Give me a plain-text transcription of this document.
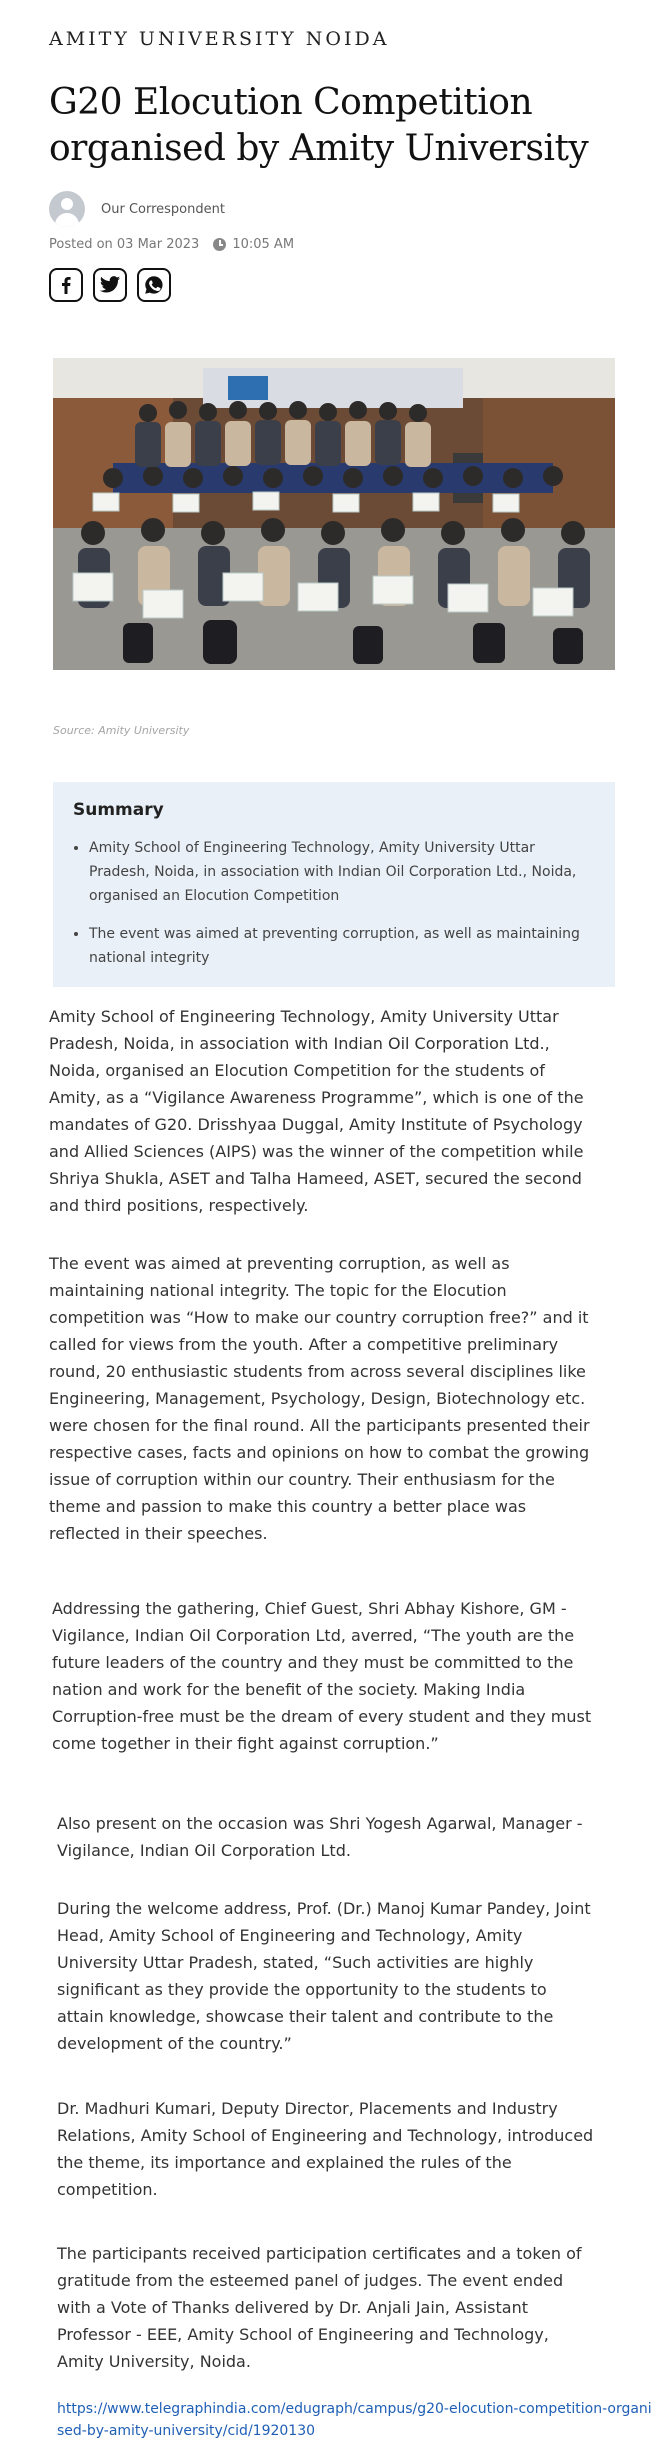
AMITY UNIVERSITY NOIDA
G20 Elocution Competition organised by Amity University
Our Correspondent
Posted on 03 Mar 2023	10:05 AM
Source: Amity University
Summary
• Amity School of Engineering Technology, Amity University Uttar Pradesh, Noida, in association with Indian Oil Corporation Ltd., Noida, organised an Elocution Competition
• The event was aimed at preventing corruption, as well as maintaining national integrity

Amity School of Engineering Technology, Amity University Uttar Pradesh, Noida, in association with Indian Oil Corporation Ltd., Noida, organised an Elocution Competition for the students of Amity, as a “Vigilance Awareness Programme”, which is one of the mandates of G20. Drisshyaa Duggal, Amity Institute of Psychology and Allied Sciences (AIPS) was the winner of the competition while Shriya Shukla, ASET and Talha Hameed, ASET, secured the second and third positions, respectively.

The event was aimed at preventing corruption, as well as maintaining national integrity. The topic for the Elocution competition was “How to make our country corruption free?” and it called for views from the youth. After a competitive preliminary round, 20 enthusiastic students from across several disciplines like Engineering, Management, Psychology, Design, Biotechnology etc. were chosen for the final round. All the participants presented their respective cases, facts and opinions on how to combat the growing issue of corruption within our country. Their enthusiasm for the theme and passion to make this country a better place was reflected in their speeches.

Addressing the gathering, Chief Guest, Shri Abhay Kishore, GM - Vigilance, Indian Oil Corporation Ltd, averred, “The youth are the future leaders of the country and they must be committed to the nation and work for the benefit of the society. Making India Corruption-free must be the dream of every student and they must come together in their fight against corruption.”

Also present on the occasion was Shri Yogesh Agarwal, Manager - Vigilance, Indian Oil Corporation Ltd.

During the welcome address, Prof. (Dr.) Manoj Kumar Pandey, Joint Head, Amity School of Engineering and Technology, Amity University Uttar Pradesh, stated, “Such activities are highly significant as they provide the opportunity to the students to attain knowledge, showcase their talent and contribute to the development of the country.”

Dr. Madhuri Kumari, Deputy Director, Placements and Industry Relations, Amity School of Engineering and Technology, introduced the theme, its importance and explained the rules of the competition.

The participants received participation certificates and a token of gratitude from the esteemed panel of judges. The event ended with a Vote of Thanks delivered by Dr. Anjali Jain, Assistant Professor - EEE, Amity School of Engineering and Technology, Amity University, Noida.

https://www.telegraphindia.com/edugraph/campus/g20-elocution-competition-organised-by-amity-university/cid/1920130
